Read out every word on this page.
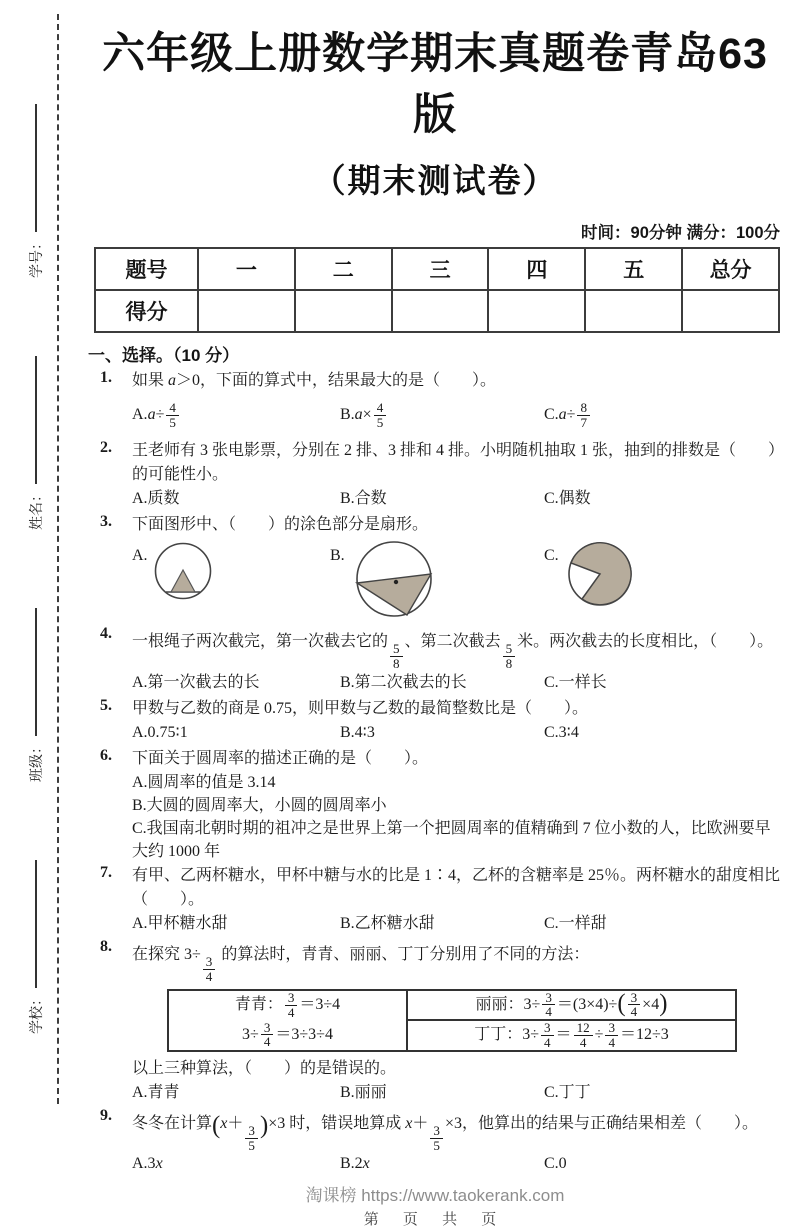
学校：
班级：
姓名：
学号：
六年级上册数学期末真题卷青岛63版
（期末测试卷）
时间：90分钟 满分：100分
题号	一	二	三	四	五	总分
得分						
一、选择。（10 分）
1.	如果 a＞0，下面的算式中，结果最大的是（　　）。
A. $a \div \frac{4}{5}$	B. $a \times \frac{4}{5}$	C. $a \div \frac{8}{7}$
2.	王老师有 3 张电影票，分别在 2 排、3 排和 4 排。小明随机抽取 1 张，抽到的排数是（　　）的可能性小。
A.质数	B.合数	C.偶数
3.	下面图形中、（　　）的涂色部分是扇形。
A.	B.	C.
4.	一根绳子两次截完，第一次截去它的
$\frac{5}{8}$
、第二次截去
$\frac{5}{8}$
米。两次截去的长度相比，（　　）。
A.第一次截去的长	B.第二次截去的长	C.一样长
5.	甲数与乙数的商是 0.75，则甲数与乙数的最简整数比是（　　）。
A.0.75∶1	B.4∶3	C.3∶4
6.	下面关于圆周率的描述正确的是（　　）。
A.圆周率的值是 3.14
B.大圆的圆周率大，小圆的圆周率小
C.我国南北朝时期的祖冲之是世界上第一个把圆周率的值精确到 7 位小数的人，比欧洲要早大约 1000 年
7.	有甲、乙两杯糖水，甲杯中糖与水的比是 1∶4，乙杯的含糖率是 25％。两杯糖水的甜度相比（　　）。
A.甲杯糖水甜	B.乙杯糖水甜	C.一样甜
8.	在探究 3÷
$\frac{3}{4}$
的算法时，青青、丽丽、丁丁分别用了不同的方法：
青青： $\frac{3}{4} =3\div 4$
$3\div \frac{3}{4} =3\div 3\div 4$
丽丽：$3\div \frac{3}{4} =(3\times 4)\div$ ( $\frac{3}{4} \times 4$ )
丁丁：$3\div \frac{3}{4} = \frac{12}{4} \div \frac{3}{4} =12\div 3$
以上三种算法，（　　）的是错误的。
A.青青	B.丽丽	C.丁丁
9.	冬冬在计算(x＋
$\frac{3}{5} )\times 3$ 时，错误地算成 x＋
$\frac{3}{5}$
×3，他算出的结果与正确结果相差（　　）。
A.3x	B.2x	C.0
淘课榜 https://www.taokerank.com
第 页 共 页
